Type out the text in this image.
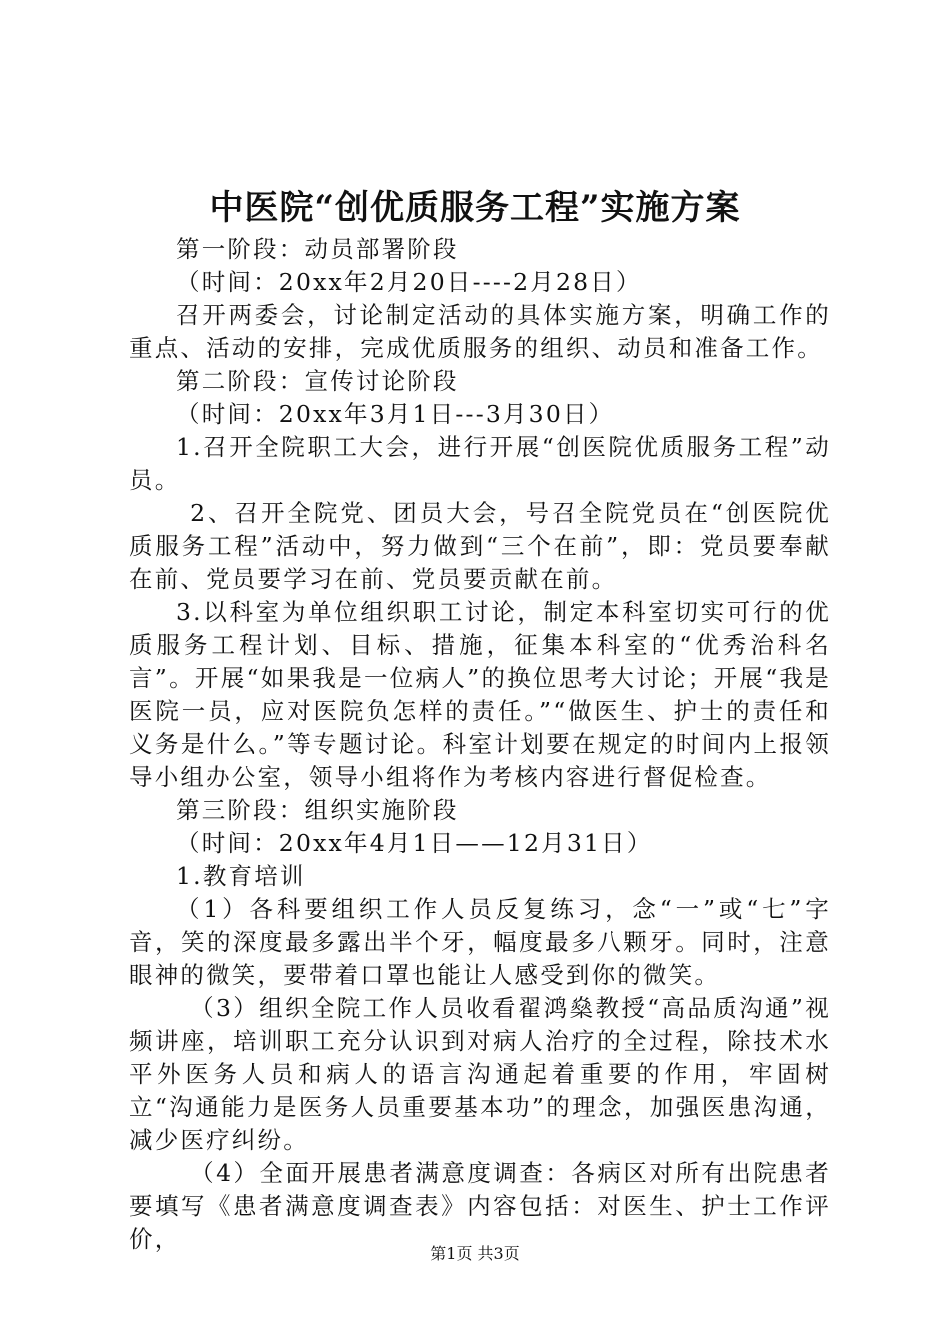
中医院“创优质服务工程”实施方案

第一阶段：动员部署阶段

（时间：20xx年2月20日----2月28日）

召开两委会，讨论制定活动的具体实施方案，明确工作的重点、活动的安排，完成优质服务的组织、动员和准备工作。

第二阶段：宣传讨论阶段

（时间：20xx年3月1日---3月30日）

1.召开全院职工大会，进行开展“创医院优质服务工程”动员。

2、召开全院党、团员大会，号召全院党员在“创医院优质服务工程”活动中，努力做到“三个在前”，即：党员要奉献在前、党员要学习在前、党员要贡献在前。

3.以科室为单位组织职工讨论，制定本科室切实可行的优质服务工程计划、目标、措施，征集本科室的“优秀治科名言”。开展“如果我是一位病人”的换位思考大讨论；开展“我是医院一员，应对医院负怎样的责任。”“做医生、护士的责任和义务是什么。”等专题讨论。科室计划要在规定的时间内上报领导小组办公室，领导小组将作为考核内容进行督促检查。

第三阶段：组织实施阶段

（时间：20xx年4月1日——12月31日）

1.教育培训

（1）各科要组织工作人员反复练习，念“一”或“七”字音，笑的深度最多露出半个牙，幅度最多八颗牙。同时，注意眼神的微笑，要带着口罩也能让人感受到你的微笑。

（3）组织全院工作人员收看翟鸿燊教授“高品质沟通”视频讲座，培训职工充分认识到对病人治疗的全过程，除技术水平外医务人员和病人的语言沟通起着重要的作用，牢固树立“沟通能力是医务人员重要基本功”的理念，加强医患沟通，减少医疗纠纷。

（4）全面开展患者满意度调查：各病区对所有出院患者要填写《患者满意度调查表》内容包括：对医生、护士工作评价，

第1页 共3页
